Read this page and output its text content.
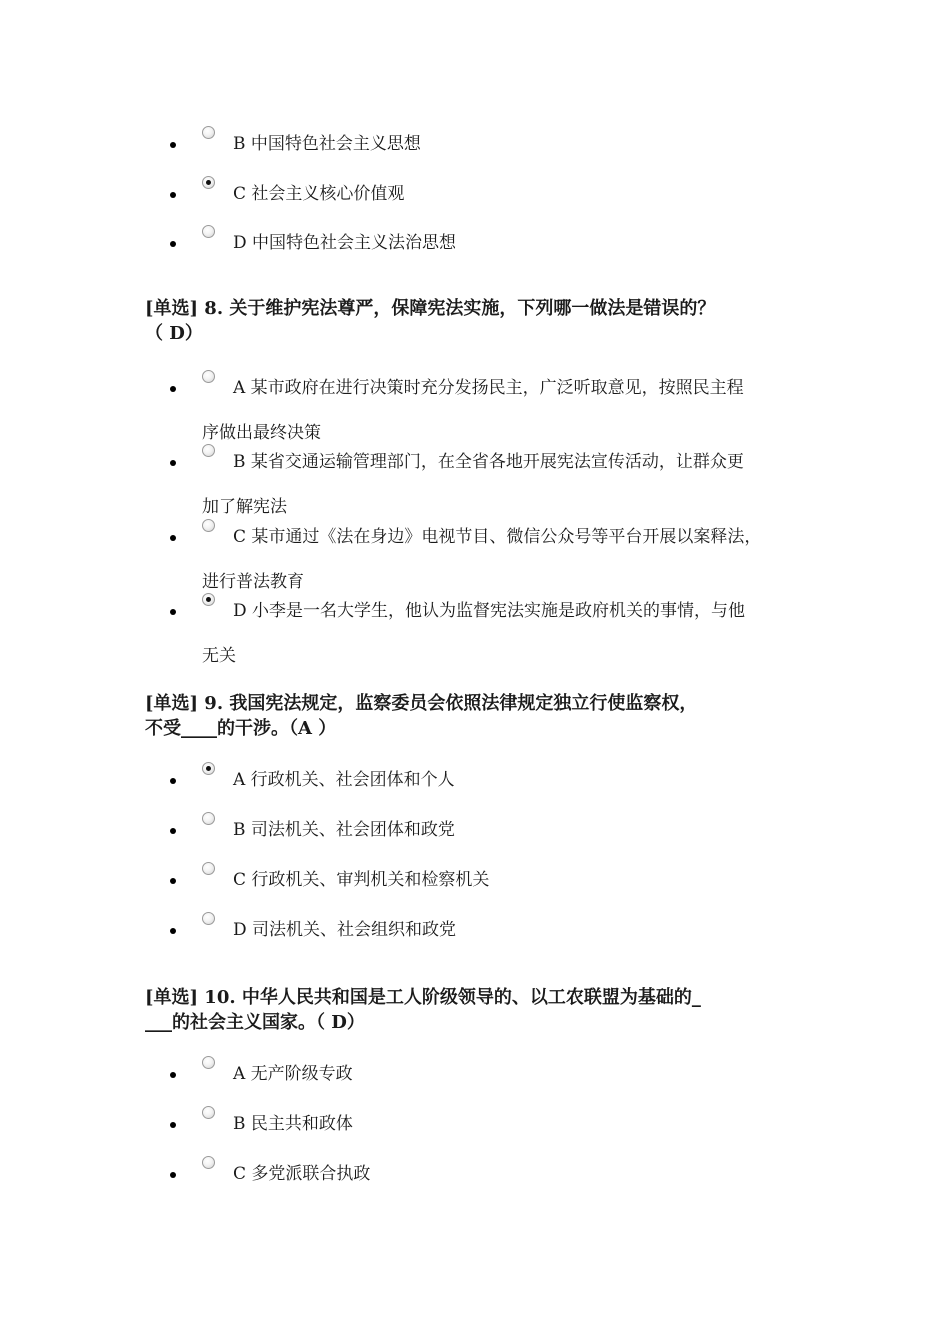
B 中国特色社会主义思想
C 社会主义核心价值观
D 中国特色社会主义法治思想
[单选] 8. 关于维护宪法尊严，保障宪法实施，下列哪一做法是错误的？
（ D）
A 某市政府在进行决策时充分发扬民主，广泛听取意见，按照民主程
序做出最终决策
B 某省交通运输管理部门，在全省各地开展宪法宣传活动，让群众更
加了解宪法
C 某市通过《法在身边》电视节目、微信公众号等平台开展以案释法，
进行普法教育
D 小李是一名大学生，他认为监督宪法实施是政府机关的事情，与他
无关
[单选] 9. 我国宪法规定，监察委员会依照法律规定独立行使监察权，
不受____的干涉。（A ）
A 行政机关、社会团体和个人
B 司法机关、社会团体和政党
C 行政机关、审判机关和检察机关
D 司法机关、社会组织和政党
[单选] 10. 中华人民共和国是工人阶级领导的、以工农联盟为基础的_
___的社会主义国家。（ D）
A 无产阶级专政
B 民主共和政体
C 多党派联合执政
